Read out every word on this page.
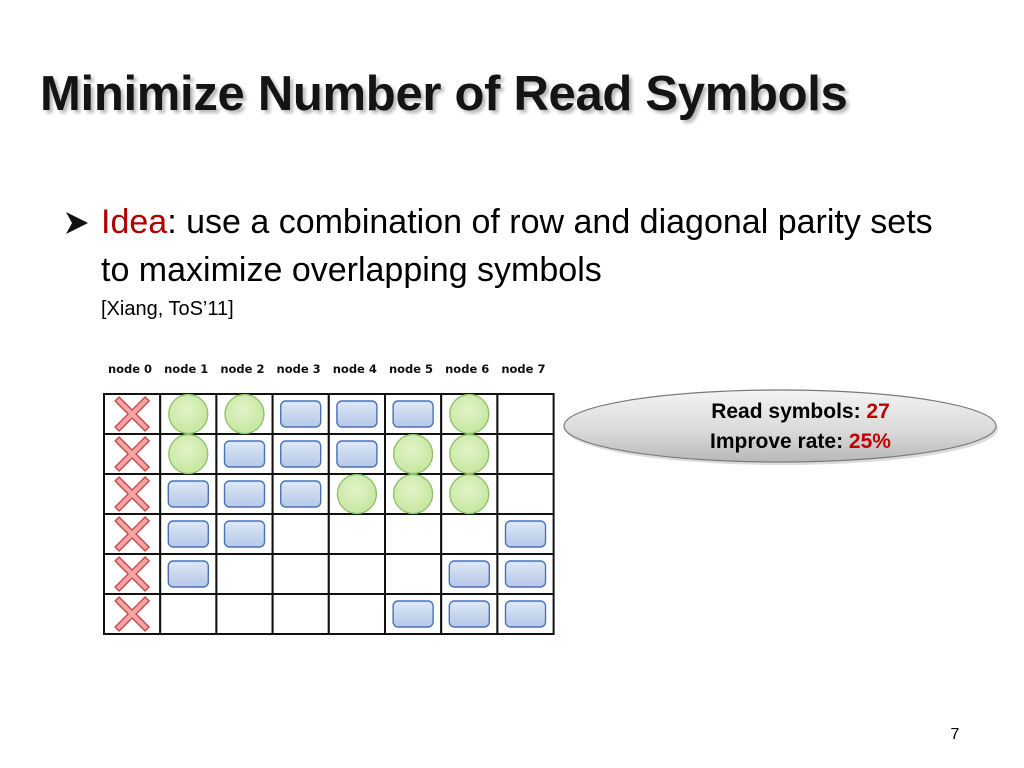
Minimize Number of Read Symbols
Idea: use a combination of row and diagonal parity sets to maximize overlapping symbols
[Xiang, ToS’11]
node 0	node 1	node 2	node 3	node 4	node 5	node 6	node 7
Read symbols: 27
Improve rate: 25%
7
